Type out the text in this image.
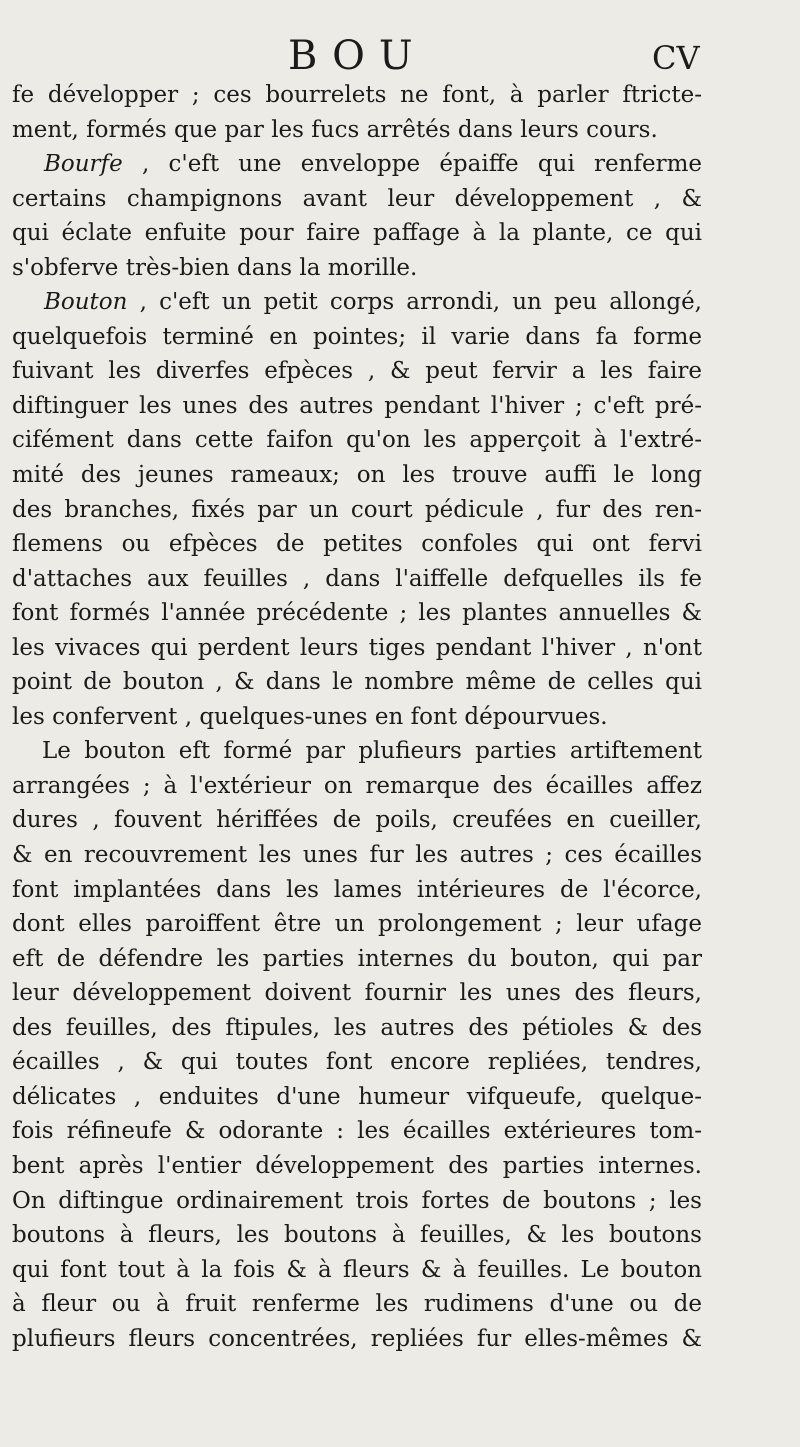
BOU	CV
fe développer ; ces bourrelets ne font, à parler ftricte-
ment, formés que par les fucs arrêtés dans leurs cours.
Bourfe , c'eft une enveloppe épaiffe qui renferme
certains champignons avant leur développement , &
qui éclate enfuite pour faire paffage à la plante, ce qui
s'obferve très-bien dans la morille.
Bouton , c'eft un petit corps arrondi, un peu allongé,
quelquefois terminé en pointes; il varie dans fa forme
fuivant les diverfes efpèces , & peut fervir a les faire
diftinguer les unes des autres pendant l'hiver ; c'eft pré-
cifément dans cette faifon qu'on les apperçoit à l'extré-
mité des jeunes rameaux; on les trouve auffi le long
des branches, fixés par un court pédicule , fur des ren-
flemens ou efpèces de petites confoles qui ont fervi
d'attaches aux feuilles , dans l'aiffelle defquelles ils fe
font formés l'année précédente ; les plantes annuelles &
les vivaces qui perdent leurs tiges pendant l'hiver , n'ont
point de bouton , & dans le nombre même de celles qui
les confervent , quelques-unes en font dépourvues.
Le bouton eft formé par plufieurs parties artiftement
arrangées ; à l'extérieur on remarque des écailles affez
dures , fouvent hériffées de poils, creufées en cueiller,
& en recouvrement les unes fur les autres ; ces écailles
font implantées dans les lames intérieures de l'écorce,
dont elles paroiffent être un prolongement ; leur ufage
eft de défendre les parties internes du bouton, qui par
leur développement doivent fournir les unes des fleurs,
des feuilles, des ftipules, les autres des pétioles & des
écailles , & qui toutes font encore repliées, tendres,
délicates , enduites d'une humeur vifqueufe, quelque-
fois réfineufe & odorante : les écailles extérieures tom-
bent après l'entier développement des parties internes.
On diftingue ordinairement trois fortes de boutons ; les
boutons à fleurs, les boutons à feuilles, & les boutons
qui font tout à la fois & à fleurs & à feuilles. Le bouton
à fleur ou à fruit renferme les rudimens d'une ou de
plufieurs fleurs concentrées, repliées fur elles-mêmes &
